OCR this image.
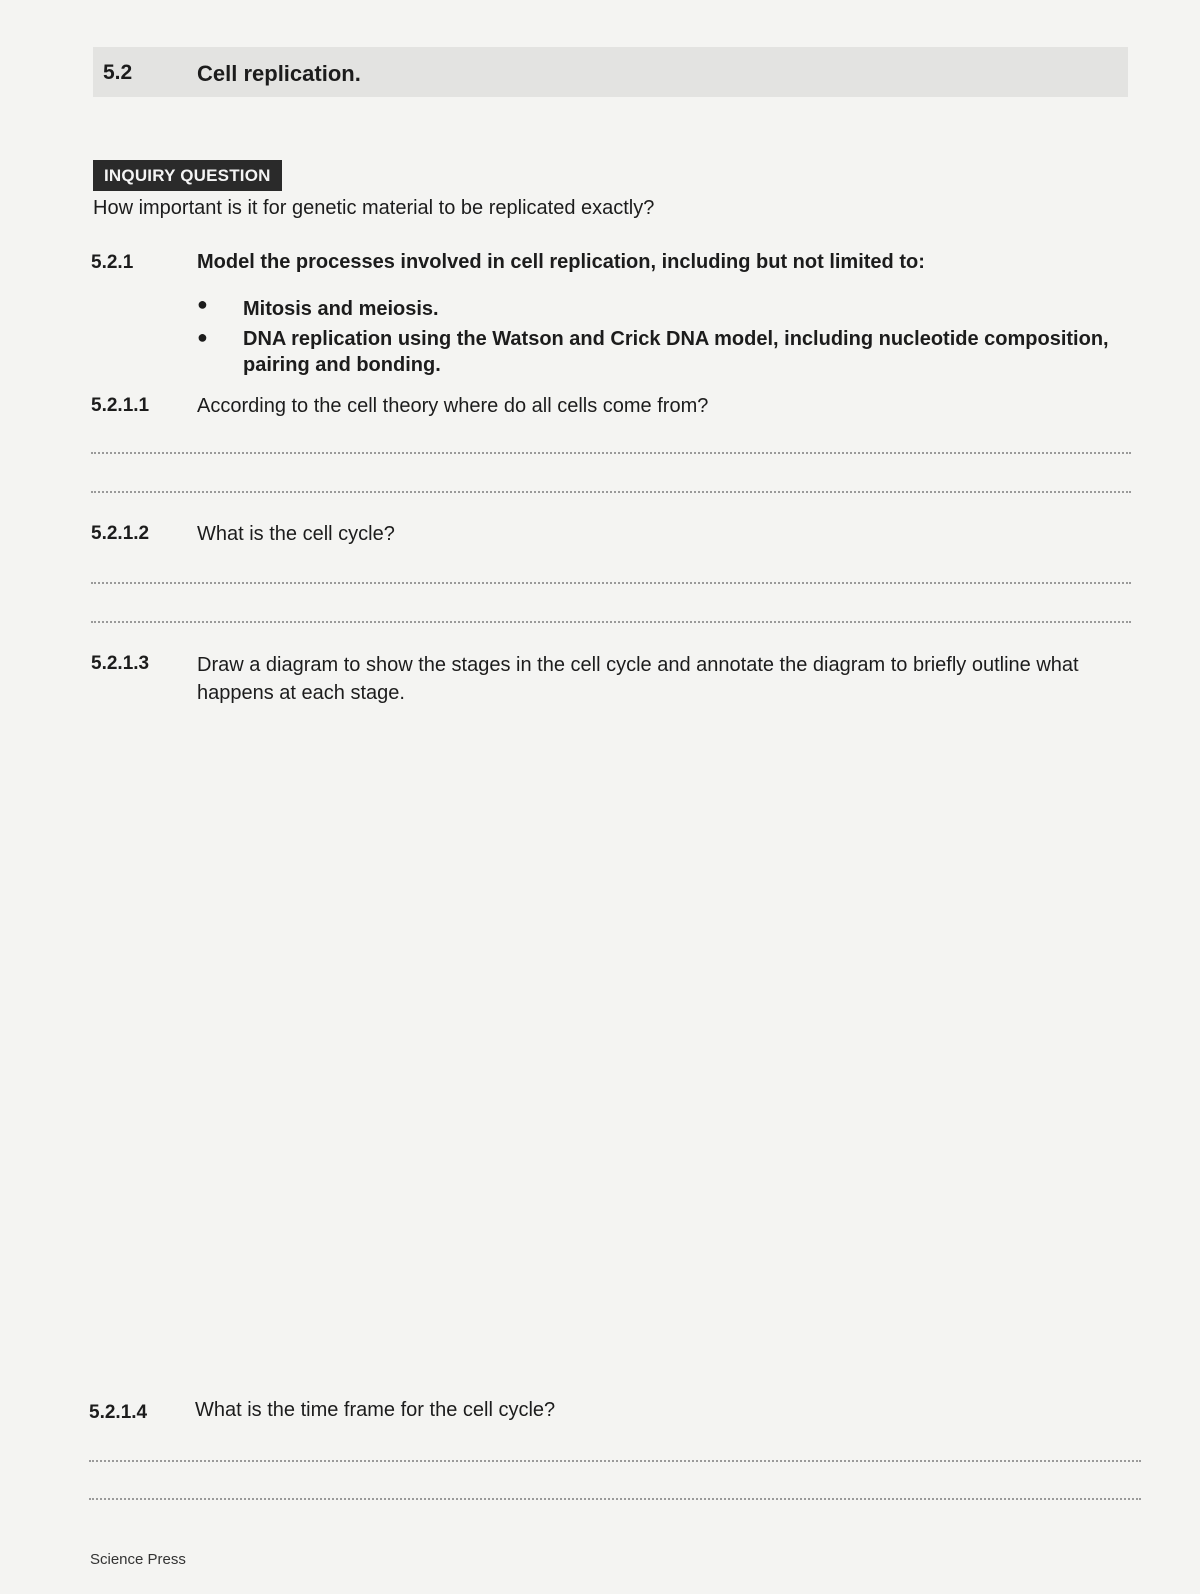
5.2	Cell replication.
INQUIRY QUESTION
How important is it for genetic material to be replicated exactly?
5.2.1	Model the processes involved in cell replication, including but not limited to:
● Mitosis and meiosis.
● DNA replication using the Watson and Crick DNA model, including nucleotide composition, pairing and bonding.
5.2.1.1 According to the cell theory where do all cells come from?
5.2.1.2 What is the cell cycle?
5.2.1.3 Draw a diagram to show the stages in the cell cycle and annotate the diagram to briefly outline what happens at each stage.
5.2.1.4 What is the time frame for the cell cycle?
Science Press
